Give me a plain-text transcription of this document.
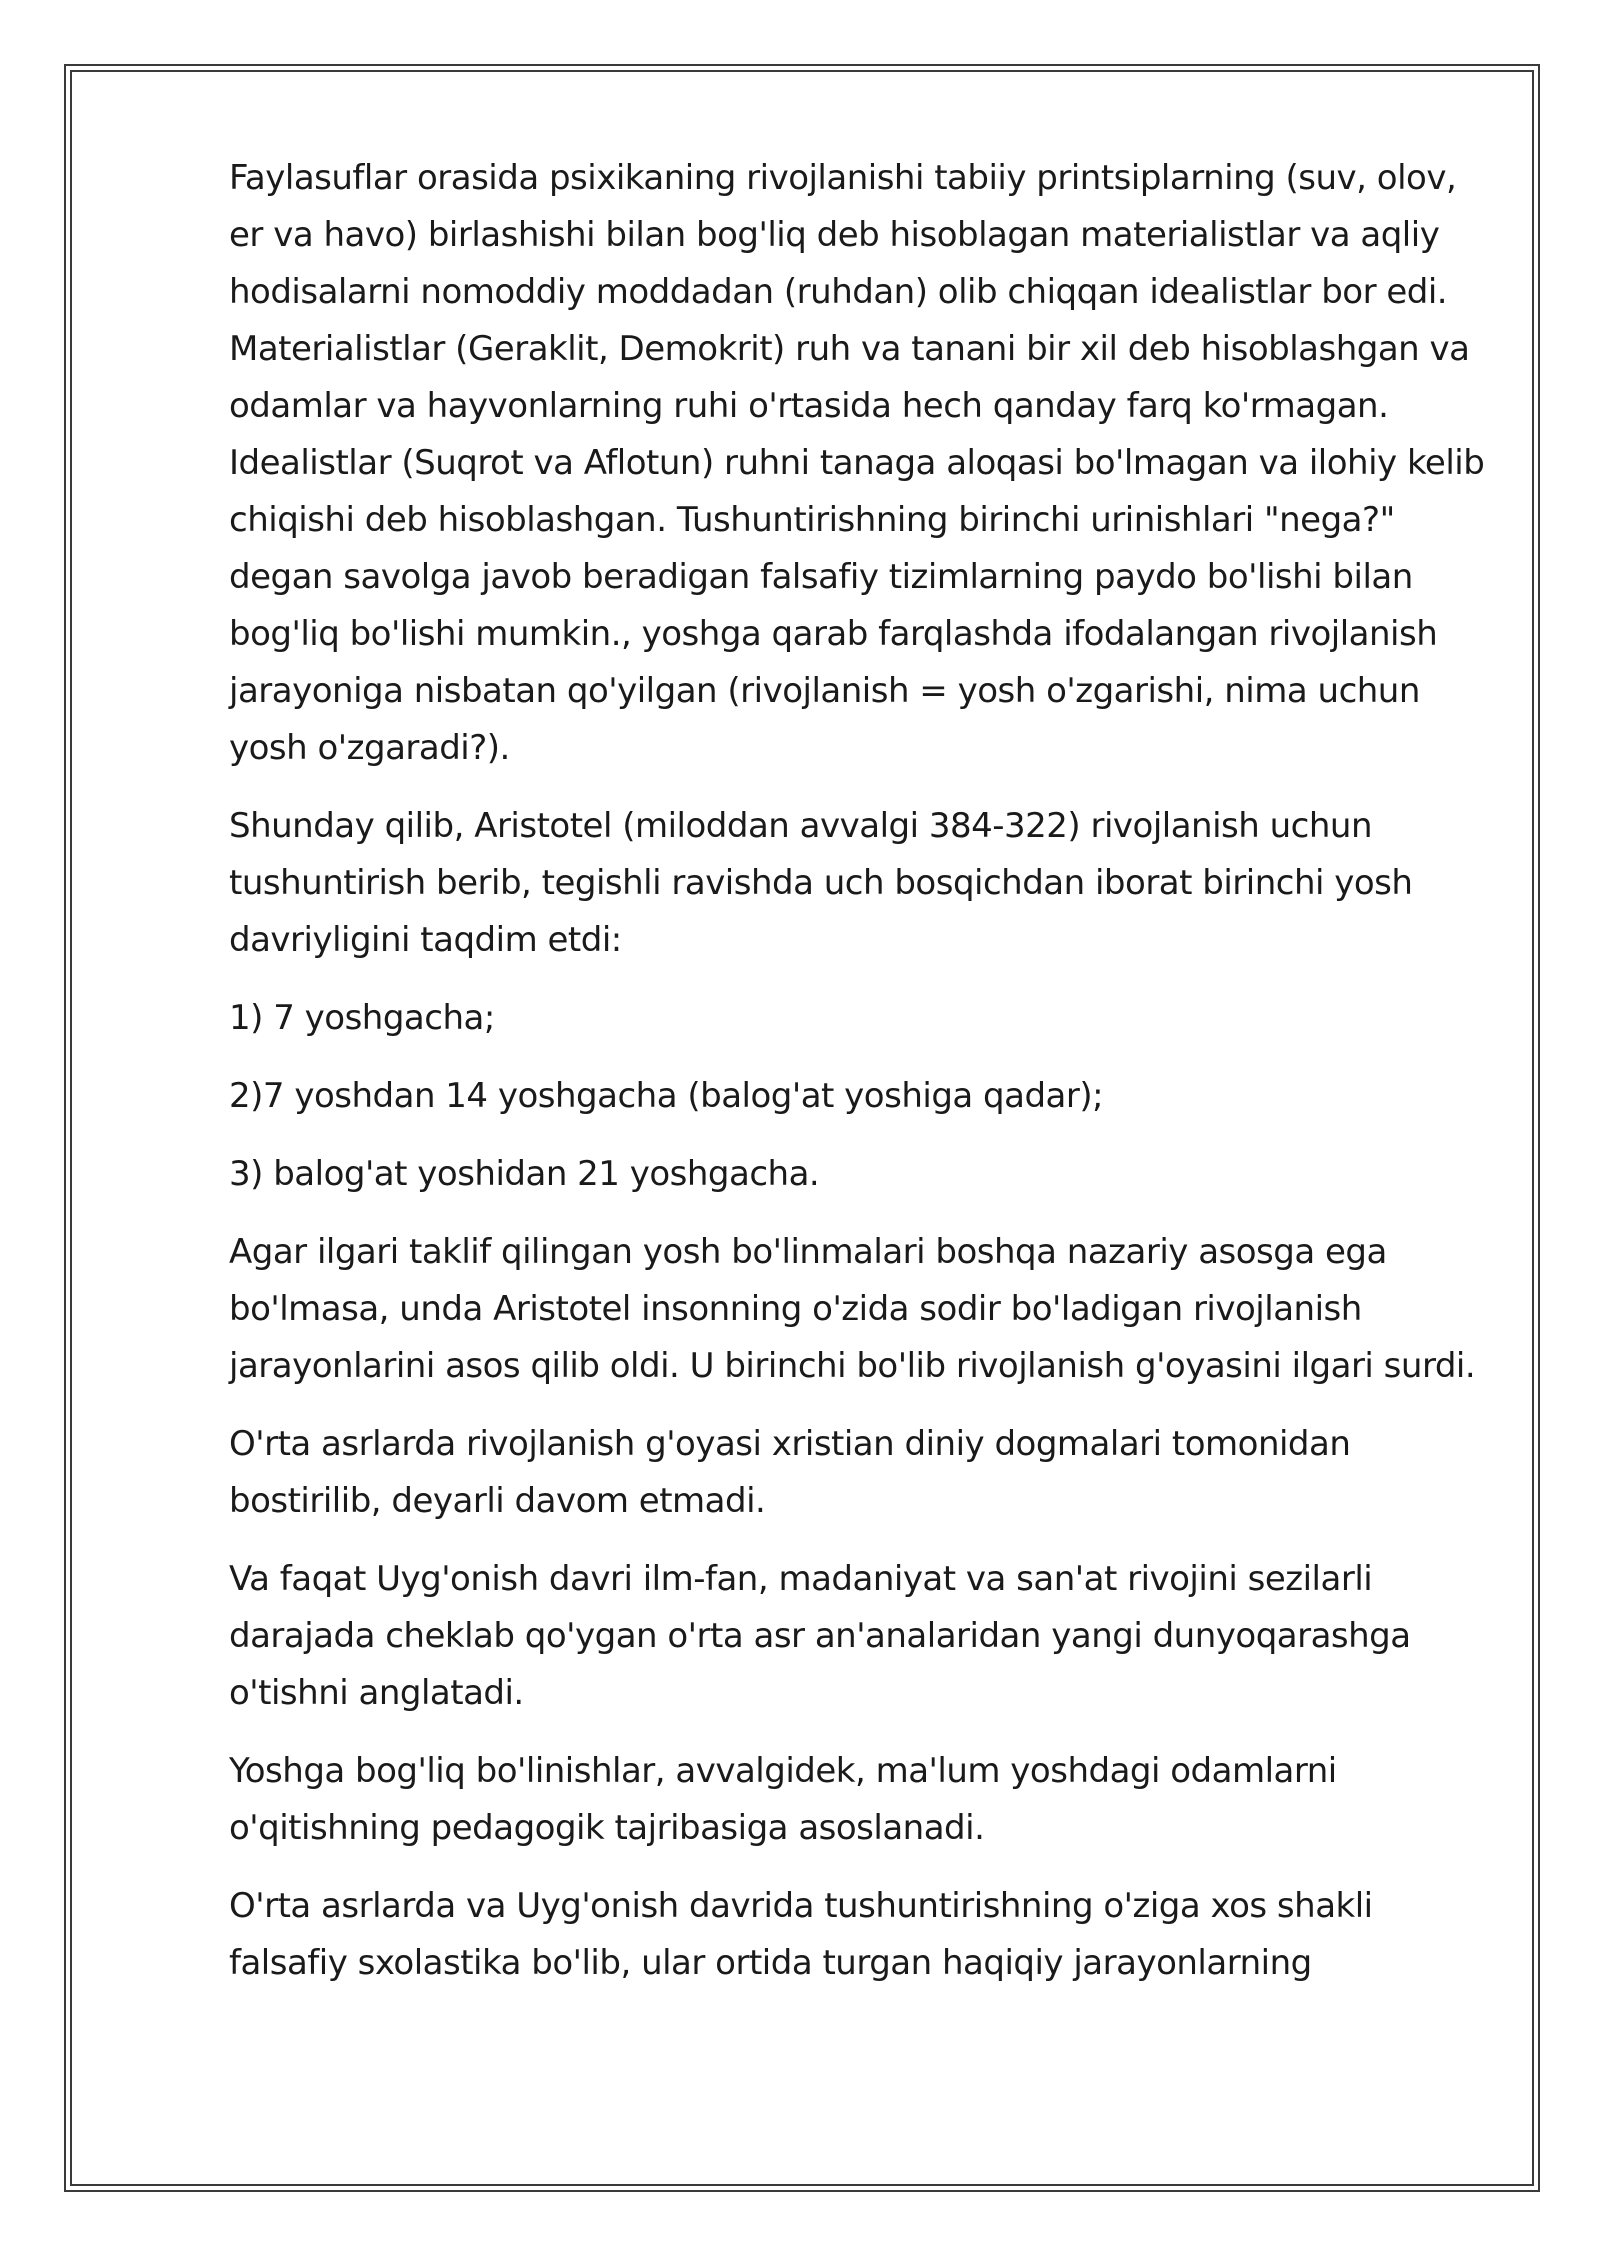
Faylasuflar orasida psixikaning rivojlanishi tabiiy printsiplarning (suv, olov, er va havo) birlashishi bilan bog'liq deb hisoblagan materialistlar va aqliy hodisalarni nomoddiy moddadan (ruhdan) olib chiqqan idealistlar bor edi. Materialistlar (Geraklit, Demokrit) ruh va tanani bir xil deb hisoblashgan va odamlar va hayvonlarning ruhi o'rtasida hech qanday farq ko'rmagan. Idealistlar (Suqrot va Aflotun) ruhni tanaga aloqasi bo'lmagan va ilohiy kelib chiqishi deb hisoblashgan. Tushuntirishning birinchi urinishlari "nega?" degan savolga javob beradigan falsafiy tizimlarning paydo bo'lishi bilan bog'liq bo'lishi mumkin., yoshga qarab farqlashda ifodalangan rivojlanish jarayoniga nisbatan qo'yilgan (rivojlanish = yosh o'zgarishi, nima uchun yosh o'zgaradi?).

Shunday qilib, Aristotel (miloddan avvalgi 384-322) rivojlanish uchun tushuntirish berib, tegishli ravishda uch bosqichdan iborat birinchi yosh davriyligini taqdim etdi:

1) 7 yoshgacha;

2)7 yoshdan 14 yoshgacha (balog'at yoshiga qadar);

3) balog'at yoshidan 21 yoshgacha.

Agar ilgari taklif qilingan yosh bo'linmalari boshqa nazariy asosga ega bo'lmasa, unda Aristotel insonning o'zida sodir bo'ladigan rivojlanish jarayonlarini asos qilib oldi. U birinchi bo'lib rivojlanish g'oyasini ilgari surdi.

O'rta asrlarda rivojlanish g'oyasi xristian diniy dogmalari tomonidan bostirilib, deyarli davom etmadi.

Va faqat Uyg'onish davri ilm-fan, madaniyat va san'at rivojini sezilarli darajada cheklab qo'ygan o'rta asr an'analaridan yangi dunyoqarashga o'tishni anglatadi.

Yoshga bog'liq bo'linishlar, avvalgidek, ma'lum yoshdagi odamlarni o'qitishning pedagogik tajribasiga asoslanadi.

O'rta asrlarda va Uyg'onish davrida tushuntirishning o'ziga xos shakli falsafiy sxolastika bo'lib, ular ortida turgan haqiqiy jarayonlarning
